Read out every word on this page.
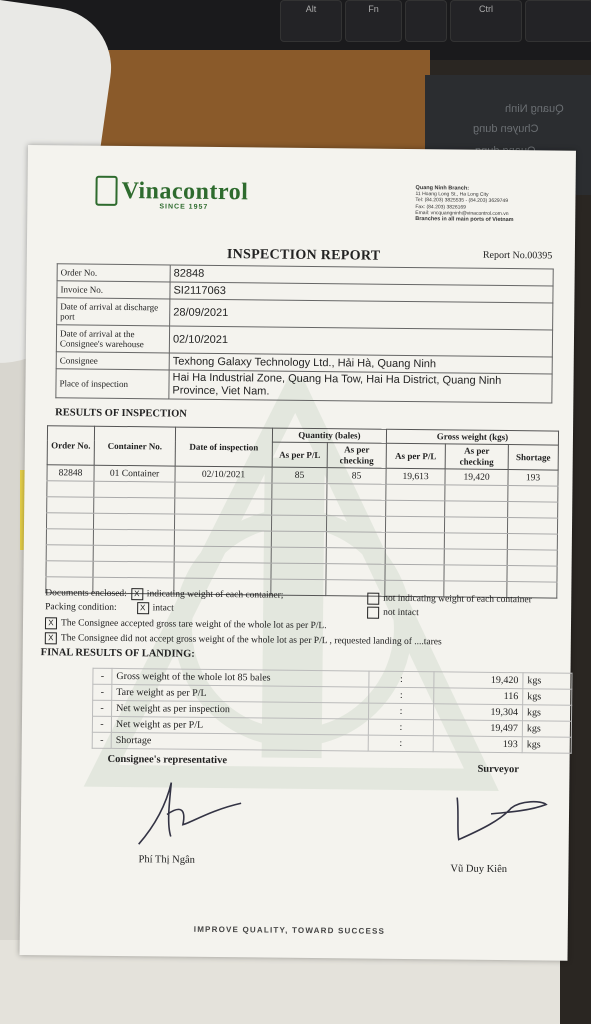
Alt	Fn	Ctrl
Quang Ninh
Chuyen dung
Vinacontrol
SINCE 1957
Quang Ninh Branch:
11 Hoang Long St., Ha Long City
Tel: (84.203) 3825535 - (84.203) 3629749
Fax: (84.203) 3826169
Email: vncquangninh@vinacontrol.com.vn
Branches in all main ports of Vietnam
INSPECTION REPORT	Report No.00395
Order No.	82848
Invoice No.	SI2117063
Date of arrival at discharge port	28/09/2021
Date of arrival at the Consignee's warehouse	02/10/2021
Consignee	Texhong Galaxy Technology Ltd., Hải Hà, Quang Ninh
Place of inspection	Hai Ha Industrial Zone, Quang Ha Tow, Hai Ha District, Quang Ninh Province, Viet Nam.
RESULTS OF INSPECTION
Order No.	Container No.	Date of inspection	Quantity (bales)		Gross weight (kgs)		
			As per P/L	As per checking	As per P/L	As per checking	Shortage
82848	01 Container	02/10/2021	85	85	19,613	19,420	193

Documents enclosed: X indicating weight of each container;	not indicating weight of each container
Packing condition:	X intact	not intact
X The Consignee accepted gross tare weight of the whole lot as per P/L.
X The Consignee did not accept gross weight of the whole lot as per P/L , requested landing of ....tares
FINAL RESULTS OF LANDING:
-	Gross weight of the whole lot 85 bales	:	19,420	kgs
-	Tare weight as per P/L	:	116	kgs
-	Net weight as per inspection	:	19,304	kgs
-	Net weight as per P/L	:	19,497	kgs
-	Shortage	:	193	kgs
Consignee's representative
Surveyor
Phí Thị Ngân
Vũ Duy Kiên
IMPROVE QUALITY, TOWARD SUCCESS
